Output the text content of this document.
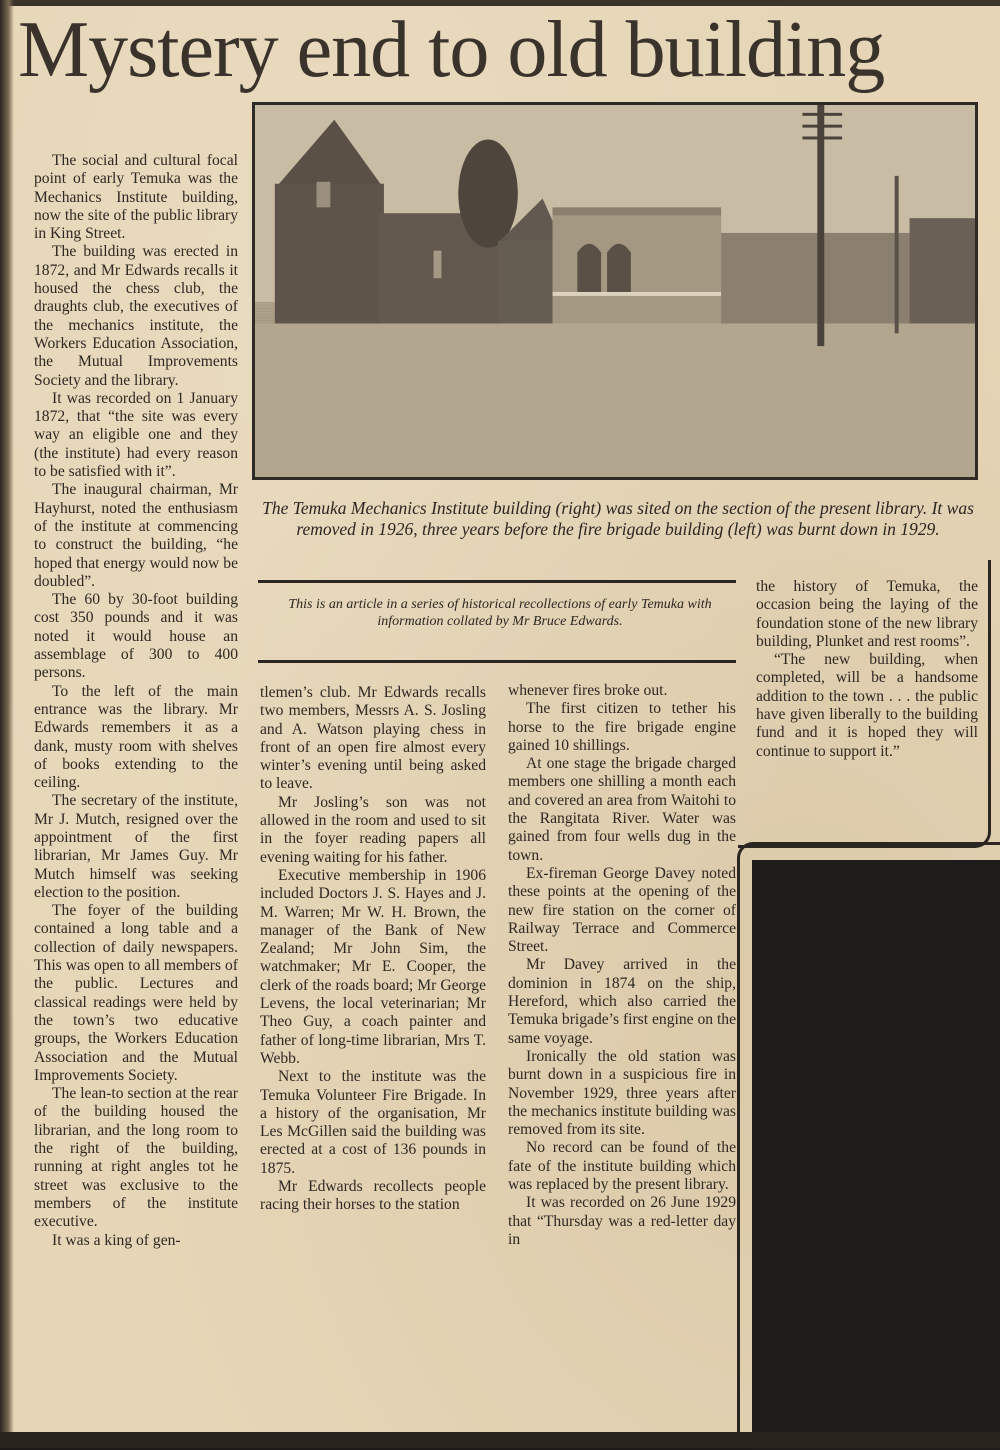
Mystery end to old building

The Temuka Mechanics Institute building (right) was sited on the section of the present library. It was removed in 1926, three years before the fire brigade building (left) was burnt down in 1929.

This is an article in a series of historical recollections of early Temuka with information collated by Mr Bruce Edwards.

The social and cultural focal point of early Temuka was the Mechanics Institute building, now the site of the public library in King Street.

The building was erected in 1872, and Mr Edwards recalls it housed the chess club, the draughts club, the executives of the mechanics institute, the Workers Education Association, the Mutual Improvements Society and the library.

It was recorded on 1 January 1872, that “the site was every way an eligible one and they (the institute) had every reason to be satisfied with it”.

The inaugural chairman, Mr Hayhurst, noted the enthusiasm of the institute at commencing to construct the building, “he hoped that energy would now be doubled”.

The 60 by 30-foot building cost 350 pounds and it was noted it would house an assemblage of 300 to 400 persons.

To the left of the main entrance was the library. Mr Edwards remembers it as a dank, musty room with shelves of books extending to the ceiling.

The secretary of the institute, Mr J. Mutch, resigned over the appointment of the first librarian, Mr James Guy. Mr Mutch himself was seeking election to the position.

The foyer of the building contained a long table and a collection of daily newspapers. This was open to all members of the public. Lectures and classical readings were held by the town’s two educative groups, the Workers Education Association and the Mutual Improvements Society.

The lean-to section at the rear of the building housed the librarian, and the long room to the right of the building, running at right angles tot he street was exclusive to the members of the institute executive.

It was a king of gen-

tlemen’s club. Mr Edwards recalls two members, Messrs A. S. Josling and A. Watson playing chess in front of an open fire almost every winter’s evening until being asked to leave.

Mr Josling’s son was not allowed in the room and used to sit in the foyer reading papers all evening waiting for his father.

Executive membership in 1906 included Doctors J. S. Hayes and J. M. Warren; Mr W. H. Brown, the manager of the Bank of New Zealand; Mr John Sim, the watchmaker; Mr E. Cooper, the clerk of the roads board; Mr George Levens, the local veterinarian; Mr Theo Guy, a coach painter and father of long-time librarian, Mrs T. Webb.

Next to the institute was the Temuka Volunteer Fire Brigade. In a history of the organisation, Mr Les McGillen said the building was erected at a cost of 136 pounds in 1875.

Mr Edwards recollects people racing their horses to the station

whenever fires broke out.

The first citizen to tether his horse to the fire brigade engine gained 10 shillings.

At one stage the brigade charged members one shilling a month each and covered an area from Waitohi to the Rangitata River. Water was gained from four wells dug in the town.

Ex-fireman George Davey noted these points at the opening of the new fire station on the corner of Railway Terrace and Commerce Street.

Mr Davey arrived in the dominion in 1874 on the ship, Hereford, which also carried the Temuka brigade’s first engine on the same voyage.

Ironically the old station was burnt down in a suspicious fire in November 1929, three years after the mechanics institute building was removed from its site.

No record can be found of the fate of the institute building which was replaced by the present library.

It was recorded on 26 June 1929 that “Thursday was a red-letter day in

the history of Temuka, the occasion being the laying of the foundation stone of the new library building, Plunket and rest rooms”.

“The new building, when completed, will be a handsome addition to the town . . . the public have given liberally to the building fund and it is hoped they will continue to support it.”
